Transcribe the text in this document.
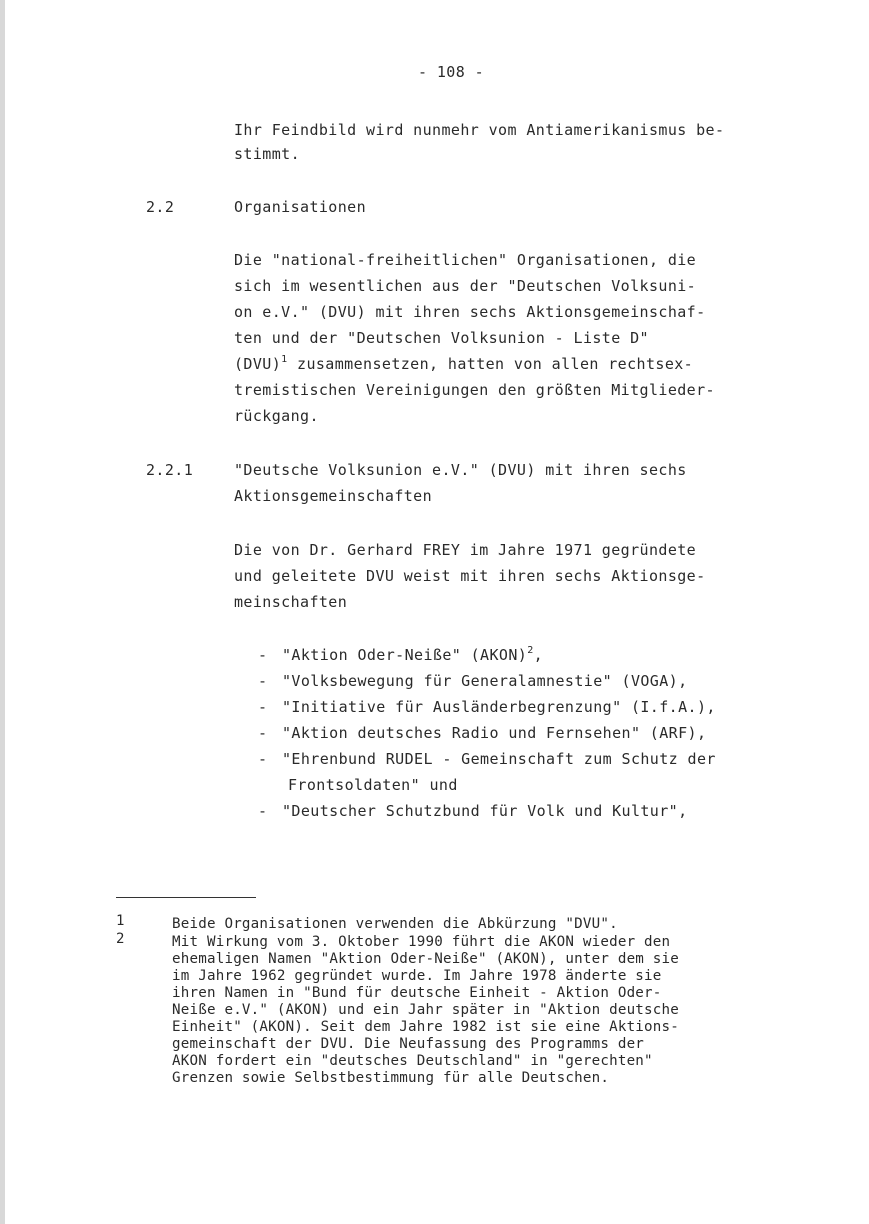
- 108 -
Ihr Feindbild wird nunmehr vom Antiamerikanismus be-
stimmt.
2.2	Organisationen
Die "national-freiheitlichen" Organisationen, die
sich im wesentlichen aus der "Deutschen Volksuni-
on e.V." (DVU) mit ihren sechs Aktionsgemeinschaf-
ten und der "Deutschen Volksunion - Liste D"
(DVU)$^1$ zusammensetzen, hatten von allen rechtsex-
tremistischen Vereinigungen den größten Mitglieder-
rückgang.
2.2.1	"Deutsche Volksunion e.V." (DVU) mit ihren sechs
Aktionsgemeinschaften
Die von Dr. Gerhard FREY im Jahre 1971 gegründete
und geleitete DVU weist mit ihren sechs Aktionsge-
meinschaften
- "Aktion Oder-Neiße" (AKON)$^2$,
- "Volksbewegung für Generalamnestie" (VOGA),
- "Initiative für Ausländerbegrenzung" (I.f.A.),
- "Aktion deutsches Radio und Fernsehen" (ARF),
- "Ehrenbund RUDEL - Gemeinschaft zum Schutz der
Frontsoldaten" und
- "Deutscher Schutzbund für Volk und Kultur",
1	Beide Organisationen verwenden die Abkürzung "DVU".
2	Mit Wirkung vom 3. Oktober 1990 führt die AKON wieder den
ehemaligen Namen "Aktion Oder-Neiße" (AKON), unter dem sie
im Jahre 1962 gegründet wurde. Im Jahre 1978 änderte sie
ihren Namen in "Bund für deutsche Einheit - Aktion Oder-
Neiße e.V." (AKON) und ein Jahr später in "Aktion deutsche
Einheit" (AKON). Seit dem Jahre 1982 ist sie eine Aktions-
gemeinschaft der DVU. Die Neufassung des Programms der
AKON fordert ein "deutsches Deutschland" in "gerechten"
Grenzen sowie Selbstbestimmung für alle Deutschen.
